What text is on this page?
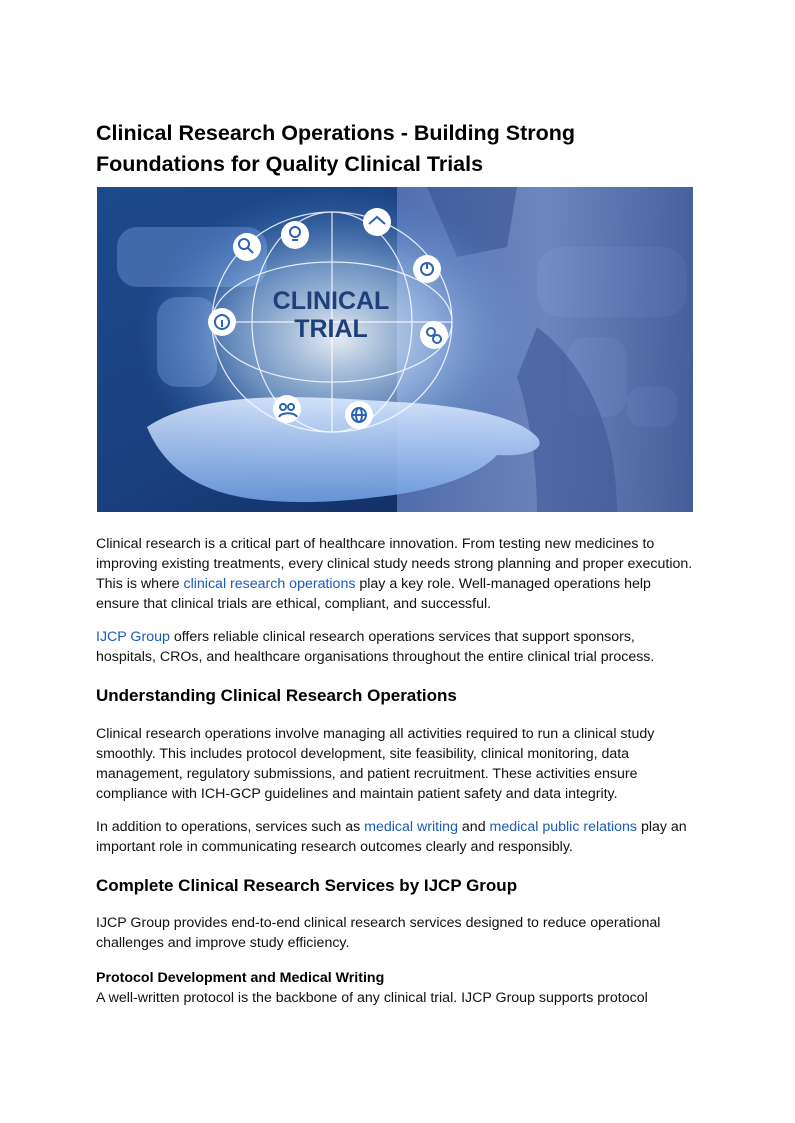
Clinical Research Operations - Building Strong Foundations for Quality Clinical Trials
CLINICAL
TRIAL

Clinical research is a critical part of healthcare innovation. From testing new medicines to improving existing treatments, every clinical study needs strong planning and proper execution. This is where clinical research operations play a key role. Well-managed operations help ensure that clinical trials are ethical, compliant, and successful.

IJCP Group offers reliable clinical research operations services that support sponsors, hospitals, CROs, and healthcare organisations throughout the entire clinical trial process.

Understanding Clinical Research Operations

Clinical research operations involve managing all activities required to run a clinical study smoothly. This includes protocol development, site feasibility, clinical monitoring, data management, regulatory submissions, and patient recruitment. These activities ensure compliance with ICH-GCP guidelines and maintain patient safety and data integrity.

In addition to operations, services such as medical writing and medical public relations play an important role in communicating research outcomes clearly and responsibly.

Complete Clinical Research Services by IJCP Group

IJCP Group provides end-to-end clinical research services designed to reduce operational challenges and improve study efficiency.

Protocol Development and Medical Writing

A well-written protocol is the backbone of any clinical trial. IJCP Group supports protocol
